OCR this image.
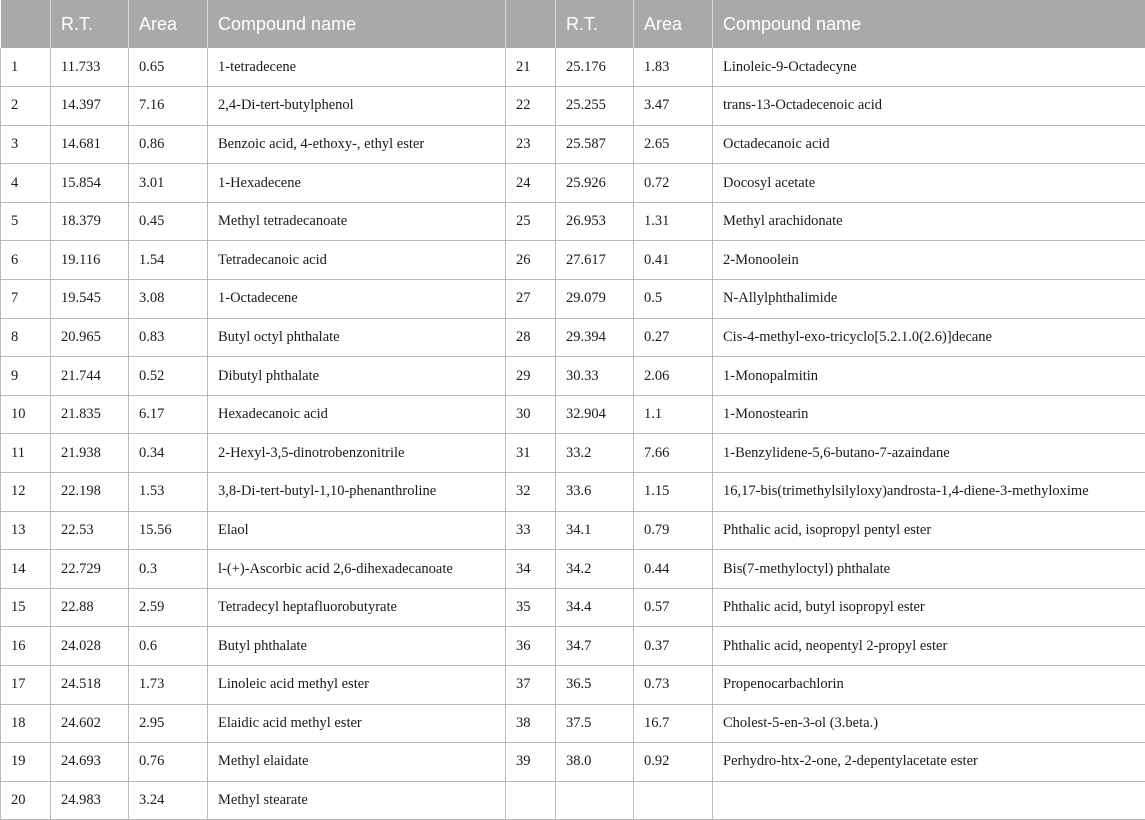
	R.T.	Area	Compound name		R.T.	Area	Compound name
1	11.733	0.65	1-tetradecene	21	25.176	1.83	Linoleic-9-Octadecyne
2	14.397	7.16	2,4-Di-tert-butylphenol	22	25.255	3.47	trans-13-Octadecenoic acid
3	14.681	0.86	Benzoic acid, 4-ethoxy-, ethyl ester	23	25.587	2.65	Octadecanoic acid
4	15.854	3.01	1-Hexadecene	24	25.926	0.72	Docosyl acetate
5	18.379	0.45	Methyl tetradecanoate	25	26.953	1.31	Methyl arachidonate
6	19.116	1.54	Tetradecanoic acid	26	27.617	0.41	2-Monoolein
7	19.545	3.08	1-Octadecene	27	29.079	0.5	N-Allylphthalimide
8	20.965	0.83	Butyl octyl phthalate	28	29.394	0.27	Cis-4-methyl-exo-tricyclo[5.2.1.0(2.6)]decane
9	21.744	0.52	Dibutyl phthalate	29	30.33	2.06	1-Monopalmitin
10	21.835	6.17	Hexadecanoic acid	30	32.904	1.1	1-Monostearin
11	21.938	0.34	2-Hexyl-3,5-dinotrobenzonitrile	31	33.2	7.66	1-Benzylidene-5,6-butano-7-azaindane
12	22.198	1.53	3,8-Di-tert-butyl-1,10-phenanthroline	32	33.6	1.15	16,17-bis(trimethylsilyloxy)androsta-1,4-diene-3-methyloxime
13	22.53	15.56	Elaol	33	34.1	0.79	Phthalic acid, isopropyl pentyl ester
14	22.729	0.3	l-(+)-Ascorbic acid 2,6-dihexadecanoate	34	34.2	0.44	Bis(7-methyloctyl) phthalate
15	22.88	2.59	Tetradecyl heptafluorobutyrate	35	34.4	0.57	Phthalic acid, butyl isopropyl ester
16	24.028	0.6	Butyl phthalate	36	34.7	0.37	Phthalic acid, neopentyl 2-propyl ester
17	24.518	1.73	Linoleic acid methyl ester	37	36.5	0.73	Propenocarbachlorin
18	24.602	2.95	Elaidic acid methyl ester	38	37.5	16.7	Cholest-5-en-3-ol (3.beta.)
19	24.693	0.76	Methyl elaidate	39	38.0	0.92	Perhydro-htx-2-one, 2-depentylacetate ester
20	24.983	3.24	Methyl stearate				
